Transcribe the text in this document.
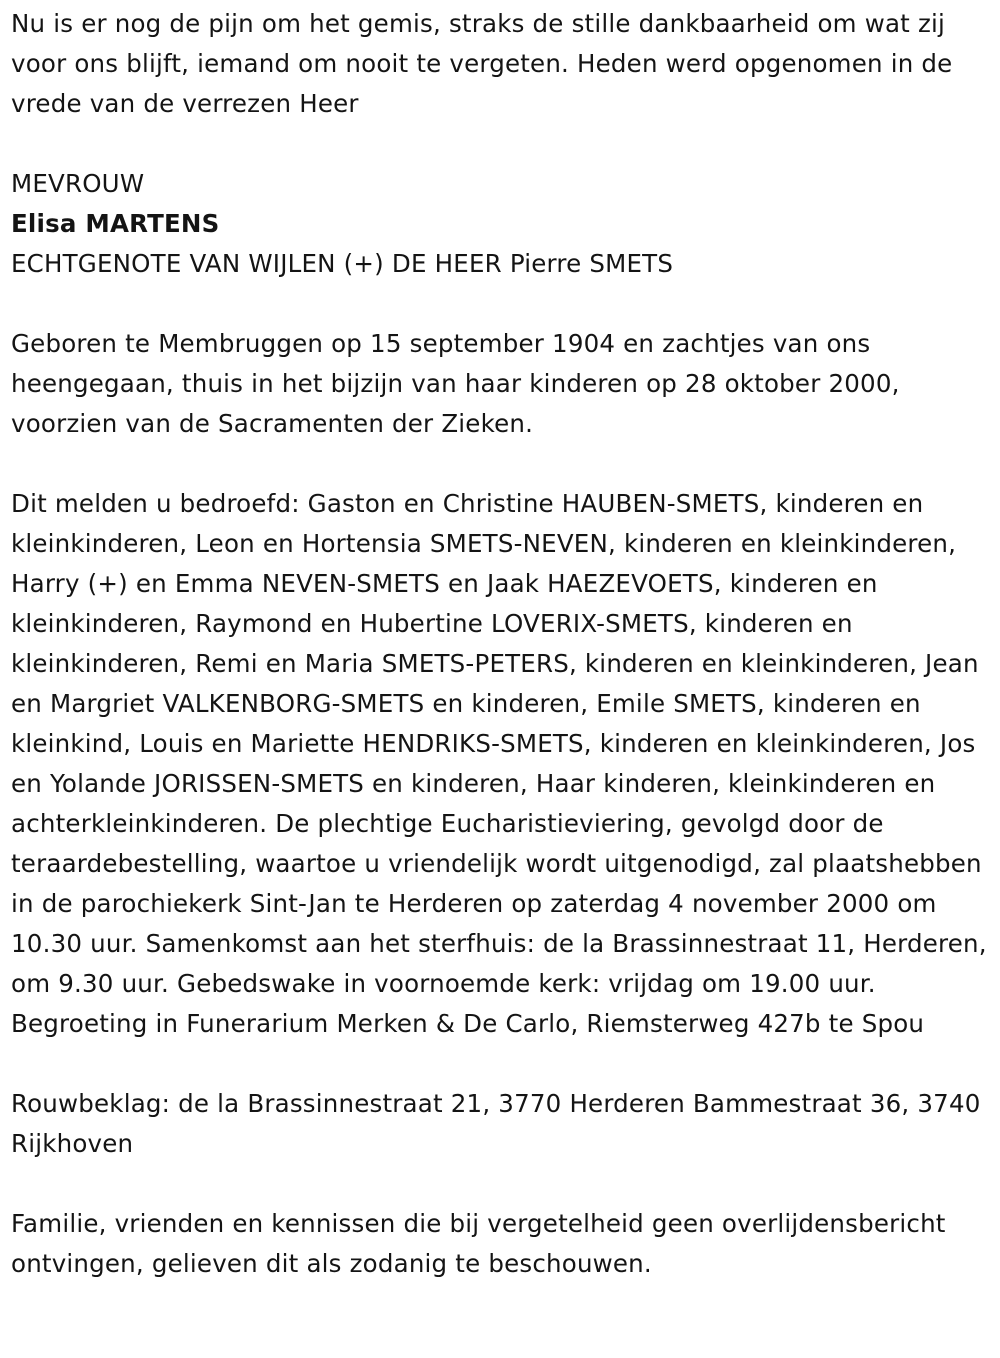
Nu is er nog de pijn om het gemis, straks de stille dankbaarheid om wat zij voor ons blijft, iemand om nooit te vergeten. Heden werd opgenomen in de vrede van de verrezen Heer

MEVROUW

Elisa MARTENS

ECHTGENOTE VAN WIJLEN (+) DE HEER Pierre SMETS

Geboren te Membruggen op 15 september 1904 en zachtjes van ons heengegaan, thuis in het bijzijn van haar kinderen op 28 oktober 2000, voorzien van de Sacramenten der Zieken.

Dit melden u bedroefd: Gaston en Christine HAUBEN-SMETS, kinderen en kleinkinderen, Leon en Hortensia SMETS-NEVEN, kinderen en kleinkinderen, Harry (+) en Emma NEVEN-SMETS en Jaak HAEZEVOETS, kinderen en kleinkinderen, Raymond en Hubertine LOVERIX-SMETS, kinderen en kleinkinderen, Remi en Maria SMETS-PETERS, kinderen en kleinkinderen, Jean en Margriet VALKENBORG-SMETS en kinderen, Emile SMETS, kinderen en kleinkind, Louis en Mariette HENDRIKS-SMETS, kinderen en kleinkinderen, Jos en Yolande JORISSEN-SMETS en kinderen, Haar kinderen, kleinkinderen en achterkleinkinderen. De plechtige Eucharistieviering, gevolgd door de teraardebestelling, waartoe u vriendelijk wordt uitgenodigd, zal plaatshebben in de parochiekerk Sint-Jan te Herderen op zaterdag 4 november 2000 om 10.30 uur. Samenkomst aan het sterfhuis: de la Brassinnestraat 11, Herderen, om 9.30 uur. Gebedswake in voornoemde kerk: vrijdag om 19.00 uur. Begroeting in Funerarium Merken & De Carlo, Riemsterweg 427b te Spou

Rouwbeklag: de la Brassinnestraat 21, 3770 Herderen Bammestraat 36, 3740 Rijkhoven

Familie, vrienden en kennissen die bij vergetelheid geen overlijdensbericht ontvingen, gelieven dit als zodanig te beschouwen.
